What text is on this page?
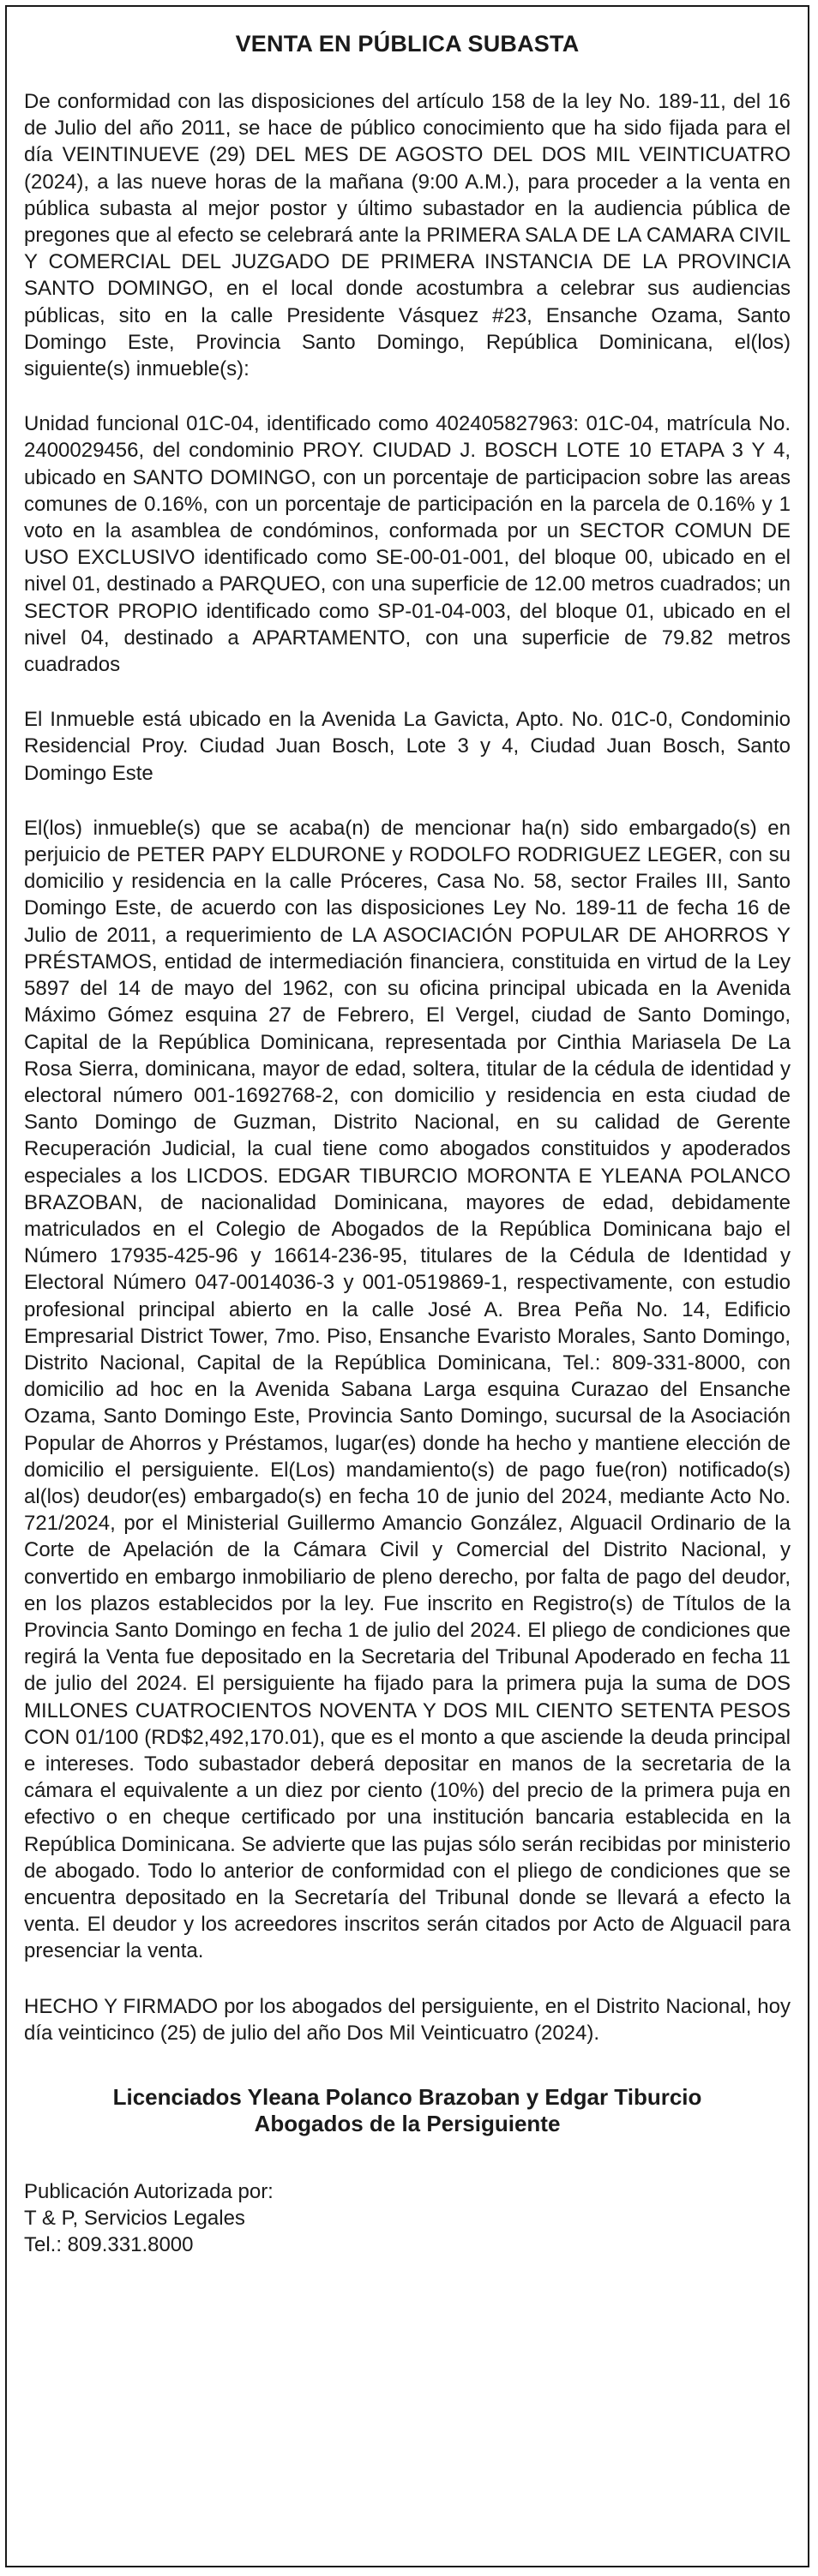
VENTA EN PÚBLICA SUBASTA

De conformidad con las disposiciones del artículo 158 de la ley No. 189-11, del 16 de Julio del año 2011, se hace de público conocimiento que ha sido fijada para el día VEINTINUEVE (29) DEL MES DE AGOSTO DEL DOS MIL VEINTICUATRO (2024), a las nueve horas de la mañana (9:00 A.M.), para proceder a la venta en pública subasta al mejor postor y último subastador en la audiencia pública de pregones que al efecto se celebrará ante la PRIMERA SALA DE LA CAMARA CIVIL Y COMERCIAL DEL JUZGADO DE PRIMERA INSTANCIA DE LA PROVINCIA SANTO DOMINGO, en el local donde acostumbra a celebrar sus audiencias públicas, sito en la calle Presidente Vásquez #23, Ensanche Ozama, Santo Domingo Este, Provincia Santo Domingo, República Dominicana, el(los) siguiente(s) inmueble(s):

Unidad funcional 01C-04, identificado como 402405827963: 01C-04, matrícula No. 2400029456, del condominio PROY. CIUDAD J. BOSCH LOTE 10 ETAPA 3 Y 4, ubicado en SANTO DOMINGO, con un porcentaje de participacion sobre las areas comunes de 0.16%, con un porcentaje de participación en la parcela de 0.16% y 1 voto en la asamblea de condóminos, conformada por un SECTOR COMUN DE USO EXCLUSIVO identificado como SE-00-01-001, del bloque 00, ubicado en el nivel 01, destinado a PARQUEO, con una superficie de 12.00 metros cuadrados; un SECTOR PROPIO identificado como SP-01-04-003, del bloque 01, ubicado en el nivel 04, destinado a APARTAMENTO, con una superficie de 79.82 metros cuadrados

El Inmueble está ubicado en la Avenida La Gavicta, Apto. No. 01C-0, Condominio Residencial Proy. Ciudad Juan Bosch, Lote 3 y 4, Ciudad Juan Bosch, Santo Domingo Este

El(los) inmueble(s) que se acaba(n) de mencionar ha(n) sido embargado(s) en perjuicio de PETER PAPY ELDURONE y RODOLFO RODRIGUEZ LEGER, con su domicilio y residencia en la calle Próceres, Casa No. 58, sector Frailes III, Santo Domingo Este, de acuerdo con las disposiciones Ley No. 189-11 de fecha 16 de Julio de 2011, a requerimiento de LA ASOCIACIÓN POPULAR DE AHORROS Y PRÉSTAMOS, entidad de intermediación financiera, constituida en virtud de la Ley 5897 del 14 de mayo del 1962, con su oficina principal ubicada en la Avenida Máximo Gómez esquina 27 de Febrero, El Vergel, ciudad de Santo Domingo, Capital de la República Dominicana, representada por Cinthia Mariasela De La Rosa Sierra, dominicana, mayor de edad, soltera, titular de la cédula de identidad y electoral número 001-1692768-2, con domicilio y residencia en esta ciudad de Santo Domingo de Guzman, Distrito Nacional, en su calidad de Gerente Recuperación Judicial, la cual tiene como abogados constituidos y apoderados especiales a los LICDOS. EDGAR TIBURCIO MORONTA E YLEANA POLANCO BRAZOBAN, de nacionalidad Dominicana, mayores de edad, debidamente matriculados en el Colegio de Abogados de la República Dominicana bajo el Número 17935-425-96 y 16614-236-95, titulares de la Cédula de Identidad y Electoral Número 047-0014036-3 y 001-0519869-1, respectivamente, con estudio profesional principal abierto en la calle José A. Brea Peña No. 14, Edificio Empresarial District Tower, 7mo. Piso, Ensanche Evaristo Morales, Santo Domingo, Distrito Nacional, Capital de la República Dominicana, Tel.: 809-331-8000, con domicilio ad hoc en la Avenida Sabana Larga esquina Curazao del Ensanche Ozama, Santo Domingo Este, Provincia Santo Domingo, sucursal de la Asociación Popular de Ahorros y Préstamos, lugar(es) donde ha hecho y mantiene elección de domicilio el persiguiente. El(Los) mandamiento(s) de pago fue(ron) notificado(s) al(los) deudor(es) embargado(s) en fecha 10 de junio del 2024, mediante Acto No. 721/2024, por el Ministerial Guillermo Amancio González, Alguacil Ordinario de la Corte de Apelación de la Cámara Civil y Comercial del Distrito Nacional, y convertido en embargo inmobiliario de pleno derecho, por falta de pago del deudor, en los plazos establecidos por la ley. Fue inscrito en Registro(s) de Títulos de la Provincia Santo Domingo en fecha 1 de julio del 2024. El pliego de condiciones que regirá la Venta fue depositado en la Secretaria del Tribunal Apoderado en fecha 11 de julio del 2024. El persiguiente ha fijado para la primera puja la suma de DOS MILLONES CUATROCIENTOS NOVENTA Y DOS MIL CIENTO SETENTA PESOS CON 01/100 (RD$2,492,170.01), que es el monto a que asciende la deuda principal e intereses. Todo subastador deberá depositar en manos de la secretaria de la cámara el equivalente a un diez por ciento (10%) del precio de la primera puja en efectivo o en cheque certificado por una institución bancaria establecida en la República Dominicana. Se advierte que las pujas sólo serán recibidas por ministerio de abogado. Todo lo anterior de conformidad con el pliego de condiciones que se encuentra depositado en la Secretaría del Tribunal donde se llevará a efecto la venta. El deudor y los acreedores inscritos serán citados por Acto de Alguacil para presenciar la venta.

HECHO Y FIRMADO por los abogados del persiguiente, en el Distrito Nacional, hoy día veinticinco (25) de julio del año Dos Mil Veinticuatro (2024).

Licenciados Yleana Polanco Brazoban y Edgar Tiburcio
Abogados de la Persiguiente
Publicación Autorizada por:
T & P, Servicios Legales
Tel.: 809.331.8000
